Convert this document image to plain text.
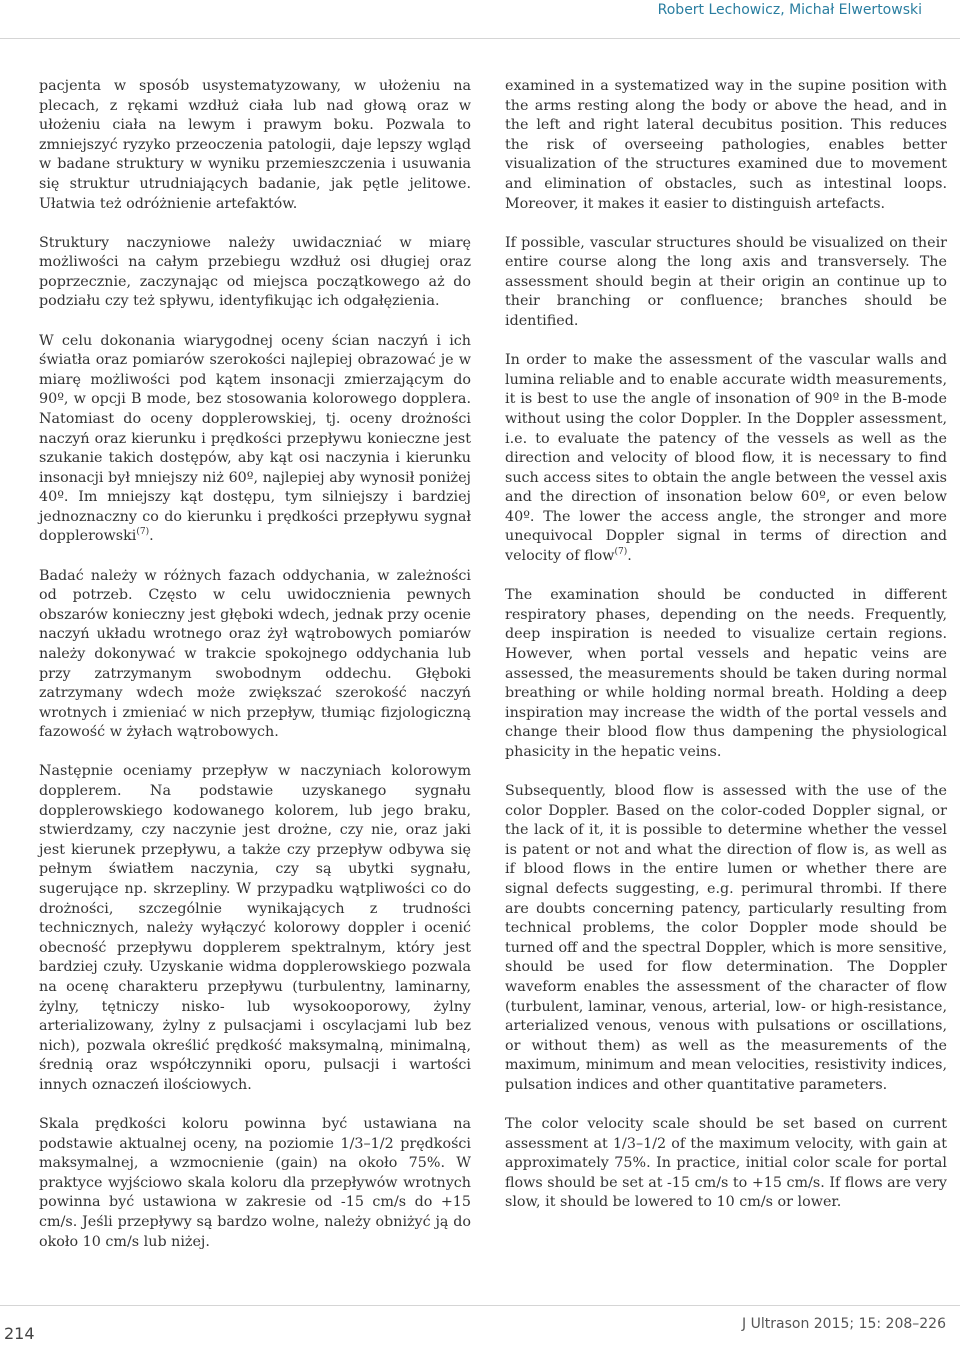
Robert Lechowicz, Michał Elwertowski

pacjenta w sposób usystematyzowany, w ułożeniu na plecach, z rękami wzdłuż ciała lub nad głową oraz w ułożeniu ciała na lewym i prawym boku. Pozwala to zmniejszyć ryzyko przeoczenia patologii, daje lepszy wgląd w badane struktury w wyniku przemieszczenia i usuwania się struktur utrudniających badanie, jak pętle jelitowe. Ułatwia też odróżnienie artefaktów.

Struktury naczyniowe należy uwidaczniać w miarę możliwości na całym przebiegu wzdłuż osi długiej oraz poprzecznie, zaczynając od miejsca początkowego aż do podziału czy też spływu, identyfikując ich odgałęzienia.

W celu dokonania wiarygodnej oceny ścian naczyń i ich światła oraz pomiarów szerokości najlepiej obrazować je w miarę możliwości pod kątem insonacji zmierzającym do 90º, w opcji B mode, bez stosowania kolorowego dopplera. Natomiast do oceny dopplerowskiej, tj. oceny drożności naczyń oraz kierunku i prędkości przepływu konieczne jest szukanie takich dostępów, aby kąt osi naczynia i kierunku insonacji był mniejszy niż 60º, najlepiej aby wynosił poniżej 40º. Im mniejszy kąt dostępu, tym silniejszy i bardziej jednoznaczny co do kierunku i prędkości przepływu sygnał dopplerowski$^{(7)}$.

Badać należy w różnych fazach oddychania, w zależności od potrzeb. Często w celu uwidocznienia pewnych obszarów konieczny jest głęboki wdech, jednak przy ocenie naczyń układu wrotnego oraz żył wątrobowych pomiarów należy dokonywać w trakcie spokojnego oddychania lub przy zatrzymanym swobodnym oddechu. Głęboki zatrzymany wdech może zwiększać szerokość naczyń wrotnych i zmieniać w nich przepływ, tłumiąc fizjologiczną fazowość w żyłach wątrobowych.

Następnie oceniamy przepływ w naczyniach kolorowym dopplerem. Na podstawie uzyskanego sygnału dopplerowskiego kodowanego kolorem, lub jego braku, stwierdzamy, czy naczynie jest drożne, czy nie, oraz jaki jest kierunek przepływu, a także czy przepływ odbywa się pełnym światłem naczynia, czy są ubytki sygnału, sugerujące np. skrzepliny. W przypadku wątpliwości co do drożności, szczególnie wynikających z trudności technicznych, należy wyłączyć kolorowy doppler i ocenić obecność przepływu dopplerem spektralnym, który jest bardziej czuły. Uzyskanie widma dopplerowskiego pozwala na ocenę charakteru przepływu (turbulentny, laminarny, żylny, tętniczy nisko- lub wysokooporowy, żylny arterializowany, żylny z pulsacjami i oscylacjami lub bez nich), pozwala określić prędkość maksymalną, minimalną, średnią oraz współczynniki oporu, pulsacji i wartości innych oznaczeń ilościowych.

Skala prędkości koloru powinna być ustawiana na podstawie aktualnej oceny, na poziomie 1/3–1/2 prędkości maksymalnej, a wzmocnienie (gain) na około 75%. W praktyce wyjściowo skala koloru dla przepływów wrotnych powinna być ustawiona w zakresie od -15 cm/s do +15 cm/s. Jeśli przepływy są bardzo wolne, należy obniżyć ją do około 10 cm/s lub niżej.

examined in a systematized way in the supine position with the arms resting along the body or above the head, and in the left and right lateral decubitus position. This reduces the risk of overseeing pathologies, enables better visualization of the structures examined due to movement and elimination of obstacles, such as intestinal loops. Moreover, it makes it easier to distinguish artefacts.

If possible, vascular structures should be visualized on their entire course along the long axis and transversely. The assessment should begin at their origin an continue up to their branching or confluence; branches should be identified.

In order to make the assessment of the vascular walls and lumina reliable and to enable accurate width measurements, it is best to use the angle of insonation of 90º in the B-mode without using the color Doppler. In the Doppler assessment, i.e. to evaluate the patency of the vessels as well as the direction and velocity of blood flow, it is necessary to find such access sites to obtain the angle between the vessel axis and the direction of insonation below 60º, or even below 40º. The lower the access angle, the stronger and more unequivocal Doppler signal in terms of direction and velocity of flow$^{(7)}$.

The examination should be conducted in different respiratory phases, depending on the needs. Frequently, deep inspiration is needed to visualize certain regions. However, when portal vessels and hepatic veins are assessed, the measurements should be taken during normal breathing or while holding normal breath. Holding a deep inspiration may increase the width of the portal vessels and change their blood flow thus dampening the physiological phasicity in the hepatic veins.

Subsequently, blood flow is assessed with the use of the color Doppler. Based on the color-coded Doppler signal, or the lack of it, it is possible to determine whether the vessel is patent or not and what the direction of flow is, as well as if blood flows in the entire lumen or whether there are signal defects suggesting, e.g. perimural thrombi. If there are doubts concerning patency, particularly resulting from technical problems, the color Doppler mode should be turned off and the spectral Doppler, which is more sensitive, should be used for flow determination. The Doppler waveform enables the assessment of the character of flow (turbulent, laminar, venous, arterial, low- or high-resistance, arterialized venous, venous with pulsations or oscillations, or without them) as well as the measurements of the maximum, minimum and mean velocities, resistivity indices, pulsation indices and other quantitative parameters.

The color velocity scale should be set based on current assessment at 1/3–1/2 of the maximum velocity, with gain at approximately 75%. In practice, initial color scale for portal flows should be set at -15 cm/s to +15 cm/s. If flows are very slow, it should be lowered to 10 cm/s or lower.

214	J Ultrason 2015; 15: 208–226
